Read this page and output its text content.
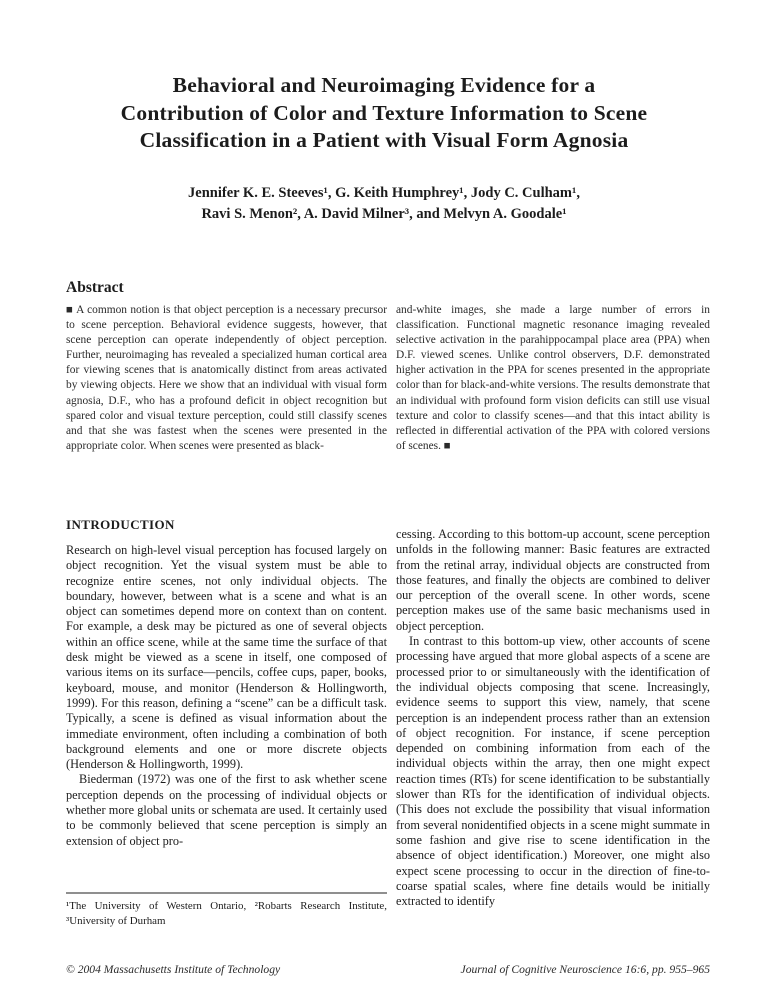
Behavioral and Neuroimaging Evidence for a
Contribution of Color and Texture Information to Scene
Classification in a Patient with Visual Form Agnosia
Jennifer K. E. Steeves¹, G. Keith Humphrey¹, Jody C. Culham¹,
Ravi S. Menon², A. David Milner³, and Melvyn A. Goodale¹
Abstract
■ A common notion is that object perception is a necessary precursor to scene perception. Behavioral evidence suggests, however, that scene perception can operate independently of object perception. Further, neuroimaging has revealed a specialized human cortical area for viewing scenes that is anatomically distinct from areas activated by viewing objects. Here we show that an individual with visual form agnosia, D.F., who has a profound deficit in object recognition but spared color and visual texture perception, could still classify scenes and that she was fastest when the scenes were presented in the appropriate color. When scenes were presented as black-
and-white images, she made a large number of errors in classification. Functional magnetic resonance imaging revealed selective activation in the parahippocampal place area (PPA) when D.F. viewed scenes. Unlike control observers, D.F. demonstrated higher activation in the PPA for scenes presented in the appropriate color than for black-and-white versions. The results demonstrate that an individual with profound form vision deficits can still use visual texture and color to classify scenes—and that this intact ability is reflected in differential activation of the PPA with colored versions of scenes. ■
INTRODUCTION

Research on high-level visual perception has focused largely on object recognition. Yet the visual system must be able to recognize entire scenes, not only individual objects. The boundary, however, between what is a scene and what is an object can sometimes depend more on context than on content. For example, a desk may be pictured as one of several objects within an office scene, while at the same time the surface of that desk might be viewed as a scene in itself, one composed of various items on its surface—pencils, coffee cups, paper, books, keyboard, mouse, and monitor (Henderson & Hollingworth, 1999). For this reason, defining a “scene” can be a difficult task. Typically, a scene is defined as visual information about the immediate environment, often including a combination of both background elements and one or more discrete objects (Henderson & Hollingworth, 1999).

Biederman (1972) was one of the first to ask whether scene perception depends on the processing of individual objects or whether more global units or schemata are used. It certainly used to be commonly believed that scene perception is simply an extension of object pro-

cessing. According to this bottom-up account, scene perception unfolds in the following manner: Basic features are extracted from the retinal array, individual objects are constructed from those features, and finally the objects are combined to deliver our perception of the overall scene. In other words, scene perception makes use of the same basic mechanisms used in object perception.

In contrast to this bottom-up view, other accounts of scene processing have argued that more global aspects of a scene are processed prior to or simultaneously with the identification of the individual objects composing that scene. Increasingly, evidence seems to support this view, namely, that scene perception is an independent process rather than an extension of object recognition. For instance, if scene perception depended on combining information from each of the individual objects within the array, then one might expect reaction times (RTs) for scene identification to be substantially slower than RTs for the identification of individual objects. (This does not exclude the possibility that visual information from several nonidentified objects in a scene might summate in some fashion and give rise to scene identification in the absence of object identification.) Moreover, one might also expect scene processing to occur in the direction of fine-to-coarse spatial scales, where fine details would be initially extracted to identify

¹The University of Western Ontario, ²Robarts Research Institute, ³University of Durham
© 2004 Massachusetts Institute of Technology	Journal of Cognitive Neuroscience 16:6, pp. 955–965
